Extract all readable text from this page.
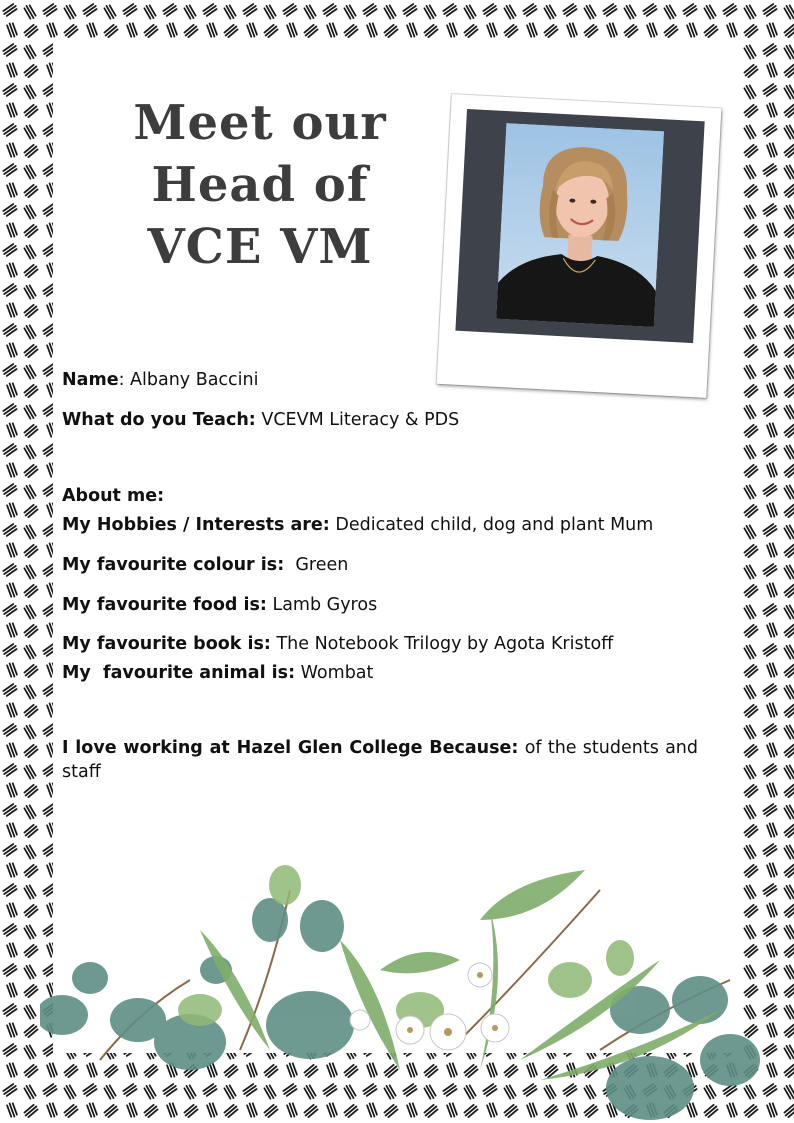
Meet our
Head of
VCE VM
Name: Albany Baccini
What do you Teach: VCEVM Literacy & PDS
About me:
My Hobbies / Interests are: Dedicated child, dog and plant Mum
My favourite colour is:  Green
My favourite food is: Lamb Gyros
My favourite book is: The Notebook Trilogy by Agota Kristoff
My  favourite animal is: Wombat
I love working at Hazel Glen College Because: of the students and staff
